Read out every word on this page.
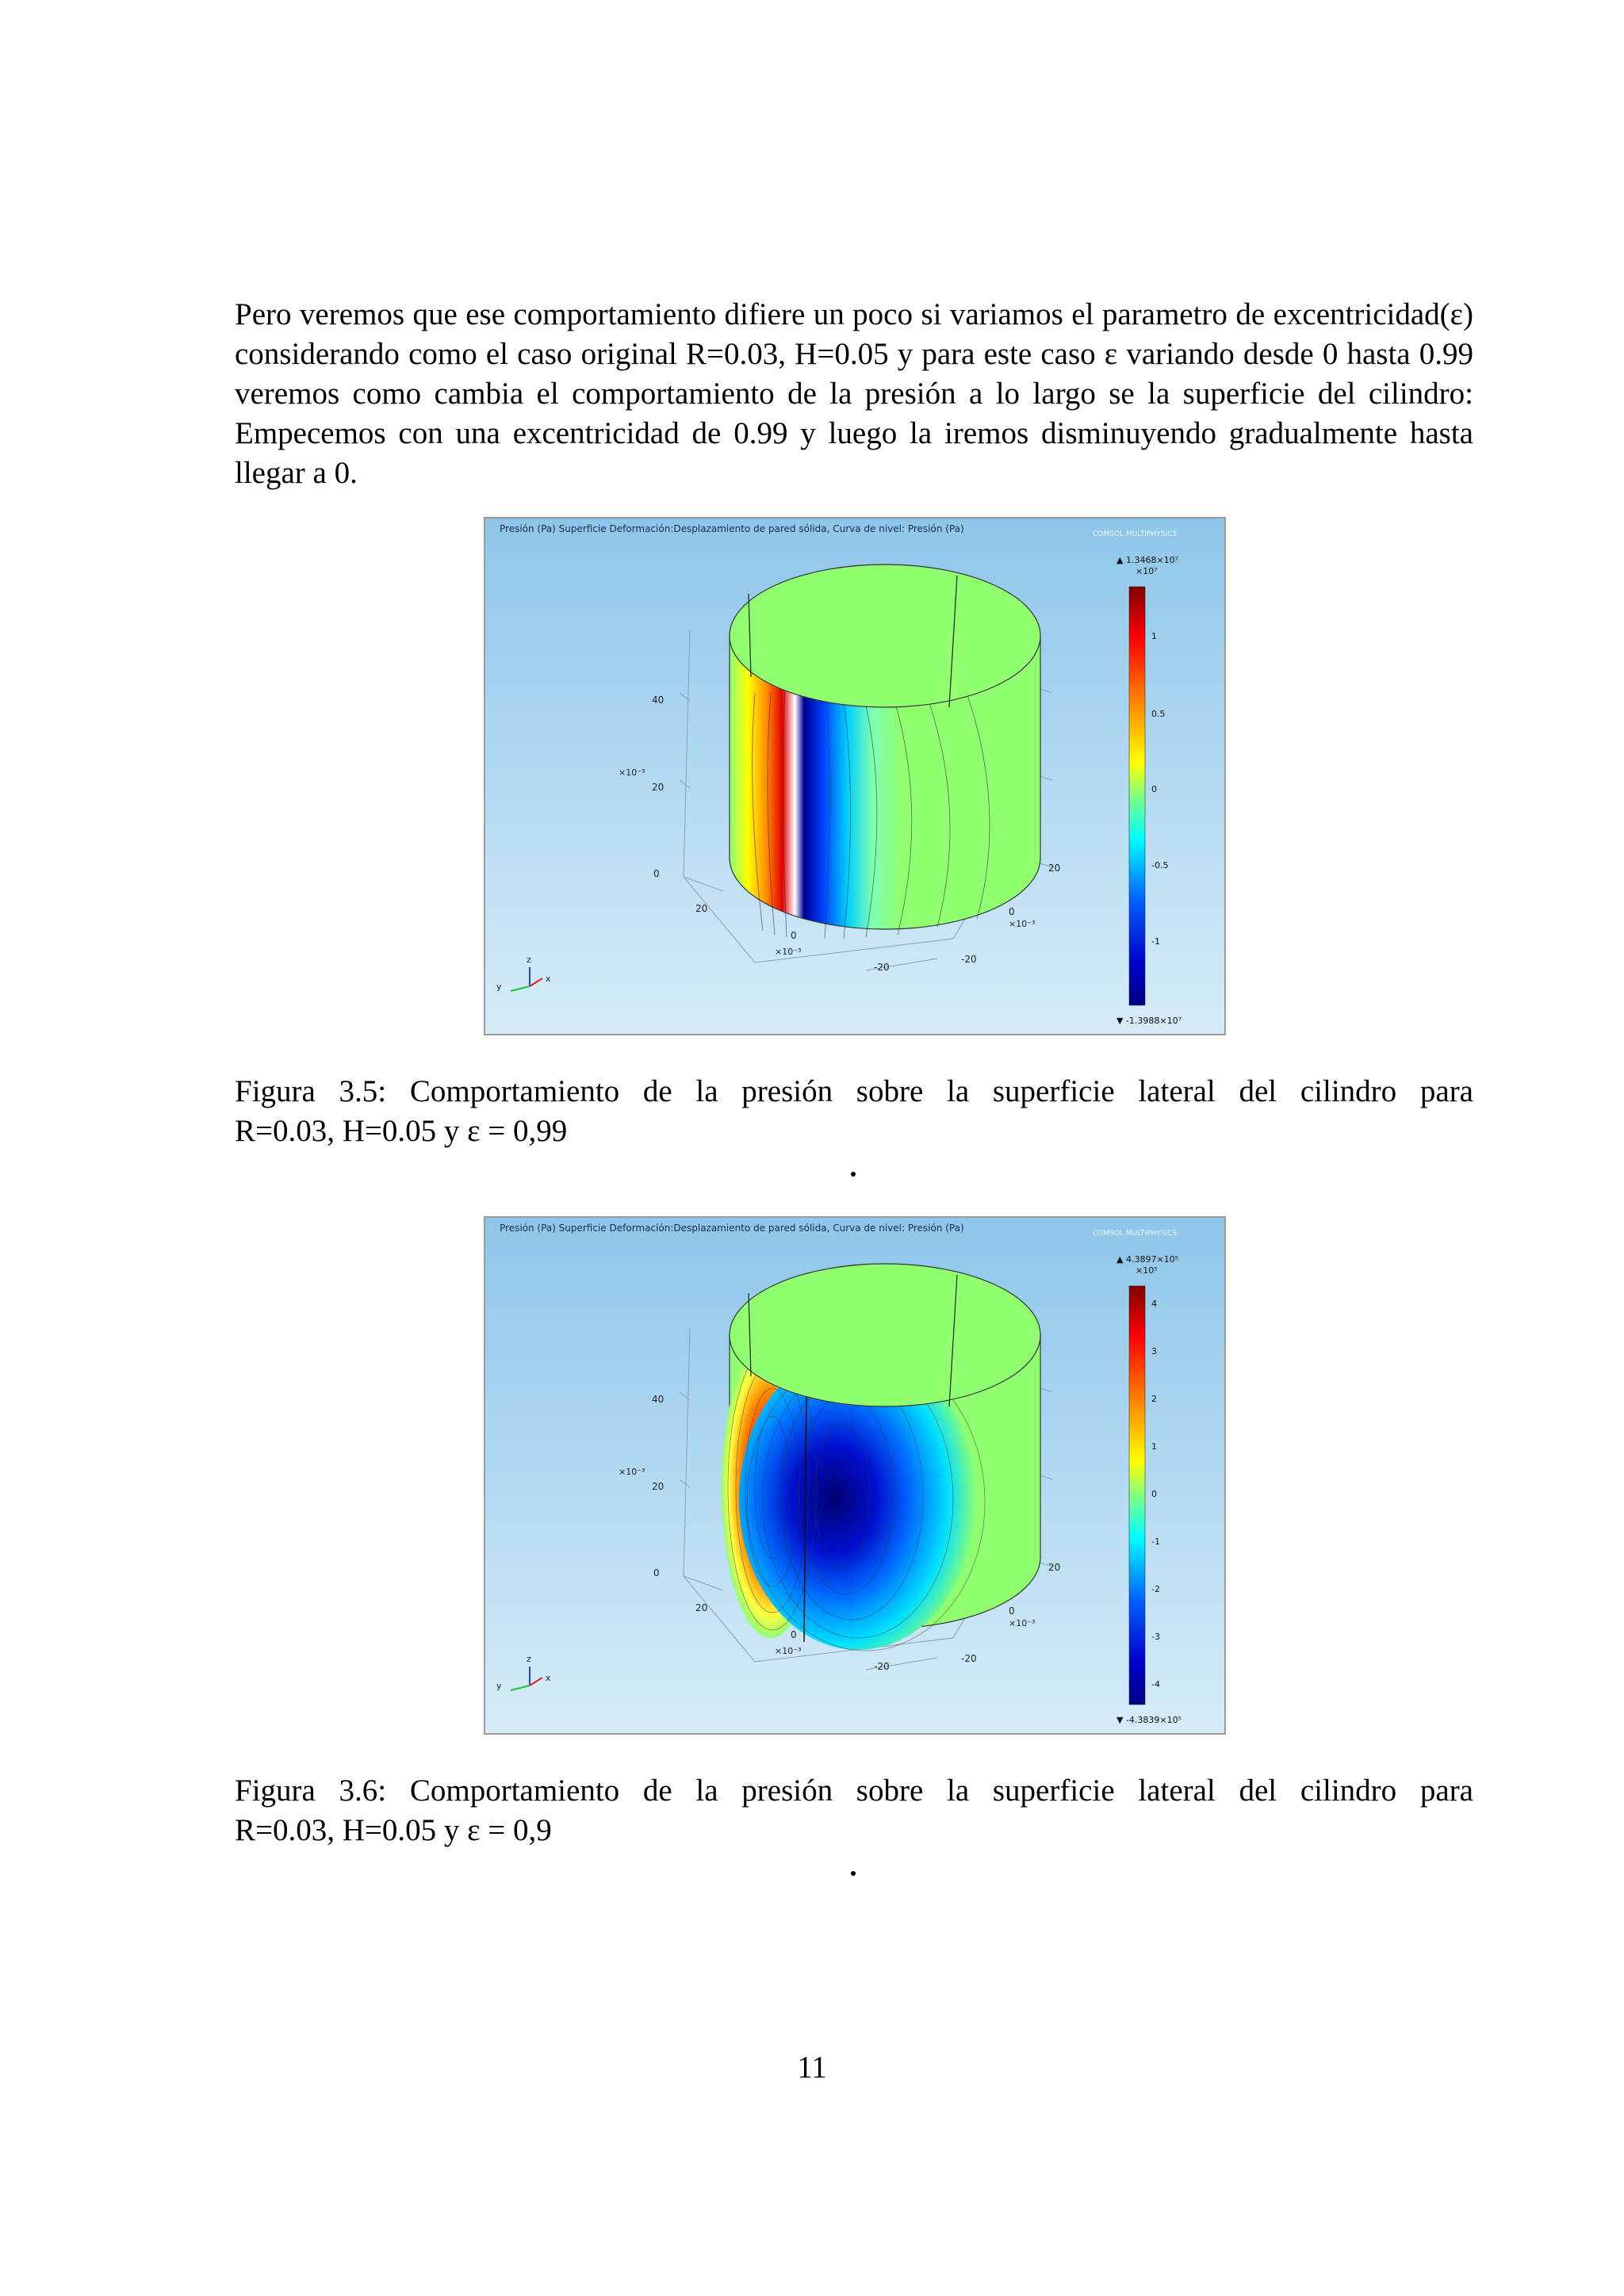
Pero veremos que ese comportamiento difiere un poco si variamos el parametro de excentricidad(ε) considerando como el caso original R=0.03, H=0.05 y para este caso ε variando desde 0 hasta 0.99 veremos como cambia el comportamiento de la presión a lo largo se la superficie del cilindro: Empecemos con una excentricidad de 0.99 y luego la iremos disminuyendo gradualmente hasta llegar a 0.

Presión (Pa) Superficie Deformación:Desplazamiento de pared sólida, Curva de nivel: Presión (Pa)	COMSOL MULTIPHYSICS
40
×10⁻³
20
0
20
0
×10⁻³
-20
20
0
×10⁻³
-20
z
y
x
▲ 1.3468×10⁷
×10⁷
1
0.5
0
-0.5
-1
▼ -1.3988×10⁷

Figura 3.5: Comportamiento de la presión sobre la superficie lateral del cilindro para
R=0.03, H=0.05 y ε = 0,99

Presión (Pa) Superficie Deformación:Desplazamiento de pared sólida, Curva de nivel: Presión (Pa)	COMSOL MULTIPHYSICS
40
×10⁻³
20
0
20
0
×10⁻³
-20
20
0
×10⁻³
-20
z
y
x
▲ 4.3897×10⁵
×10⁵
4
3
2
1
0
-1
-2
-3
-4
▼ -4.3839×10⁵

Figura 3.6: Comportamiento de la presión sobre la superficie lateral del cilindro para
R=0.03, H=0.05 y ε = 0,9

11
